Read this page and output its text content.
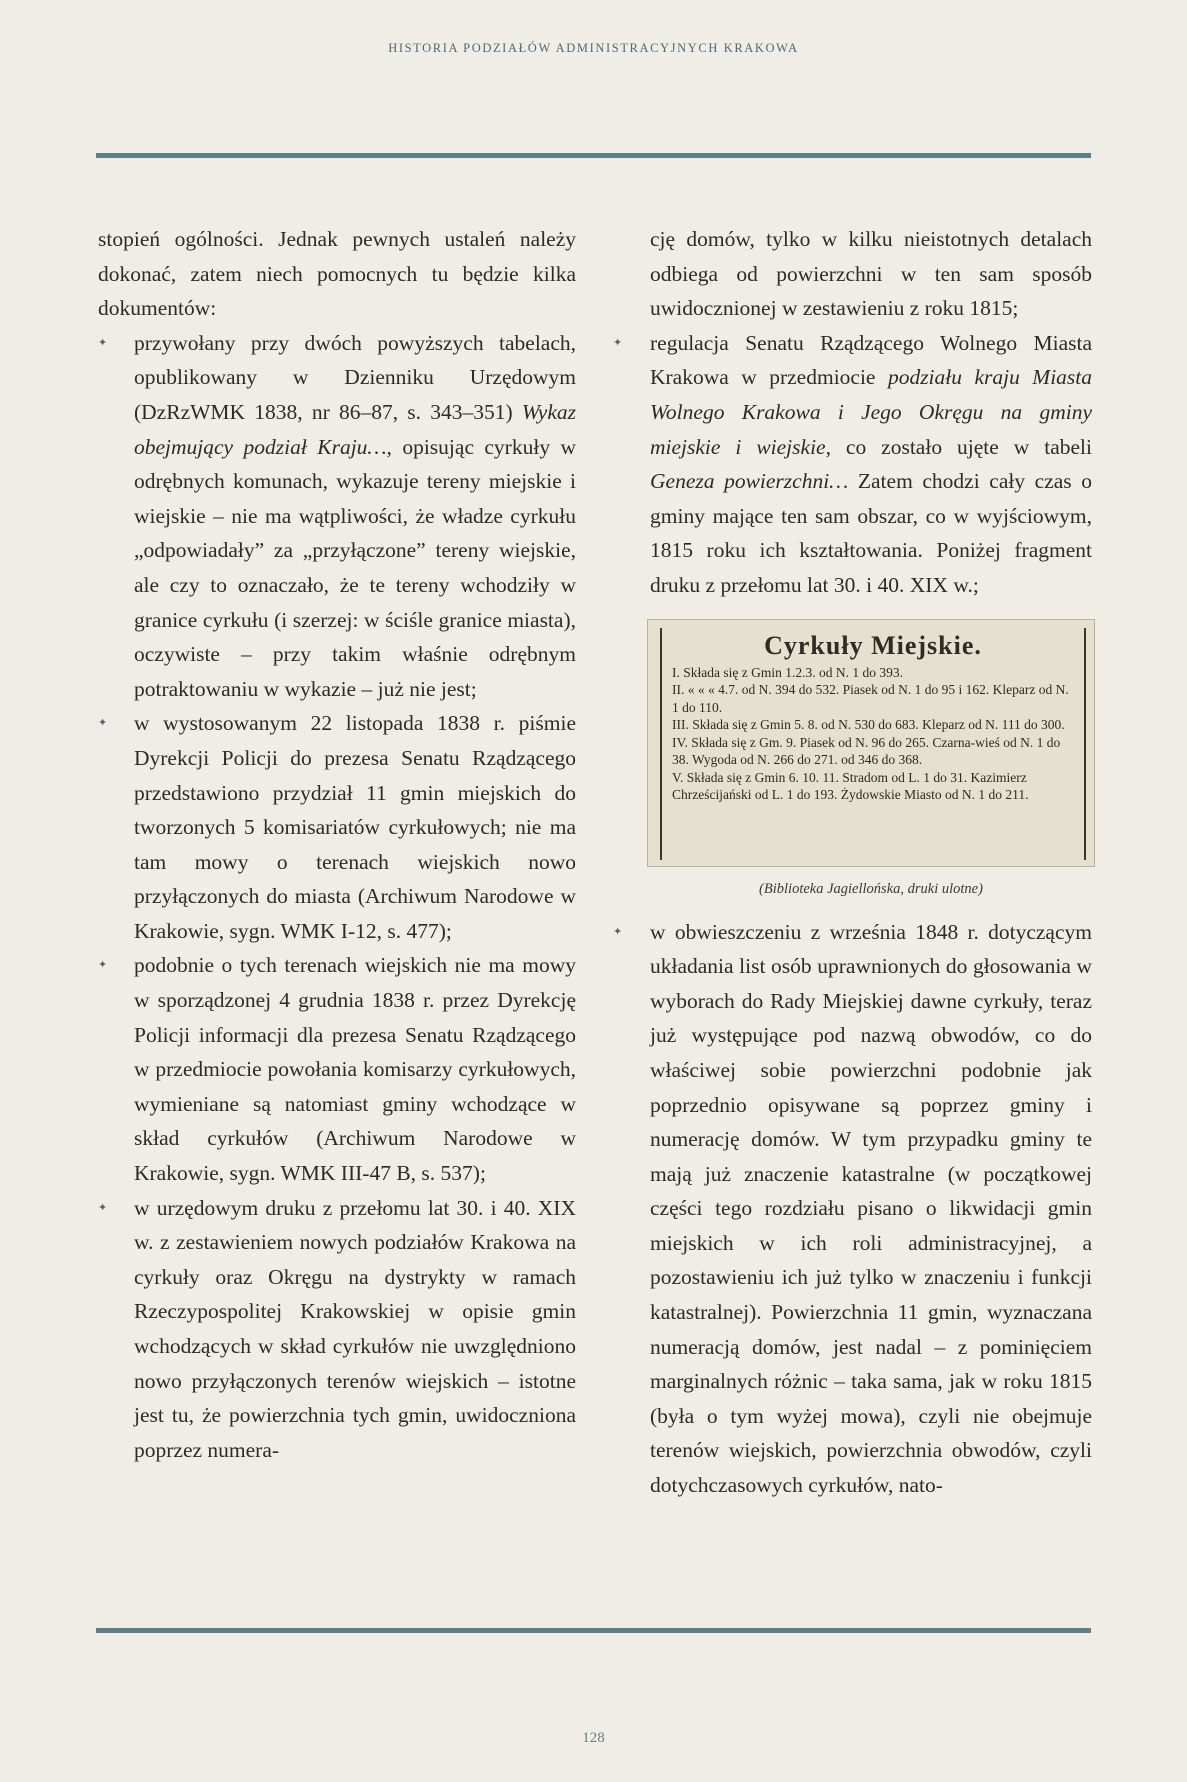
HISTORIA PODZIAŁÓW ADMINISTRACYJNYCH KRAKOWA

stopień ogólności. Jednak pewnych ustaleń należy dokonać, zatem niech pomocnych tu będzie kilka dokumentów:

✦ przywołany przy dwóch powyższych tabelach, opublikowany w Dzienniku Urzędowym (DzRzWMK 1838, nr 86–87, s. 343–351) Wykaz obejmujący podział Kraju…, opisując cyrkuły w odrębnych komunach, wykazuje tereny miejskie i wiejskie – nie ma wątpliwości, że władze cyrkułu „odpowiadały” za „przyłączone” tereny wiejskie, ale czy to oznaczało, że te tereny wchodziły w granice cyrkułu (i szerzej: w ściśle granice miasta), oczywiste – przy takim właśnie odrębnym potraktowaniu w wykazie – już nie jest;
✦ w wystosowanym 22 listopada 1838 r. piśmie Dyrekcji Policji do prezesa Senatu Rządzącego przedstawiono przydział 11 gmin miejskich do tworzonych 5 komisariatów cyrkułowych; nie ma tam mowy o terenach wiejskich nowo przyłączonych do miasta (Archiwum Narodowe w Krakowie, sygn. WMK I-12, s. 477);
✦ podobnie o tych terenach wiejskich nie ma mowy w sporządzonej 4 grudnia 1838 r. przez Dyrekcję Policji informacji dla prezesa Senatu Rządzącego w przedmiocie powołania komisarzy cyrkułowych, wymieniane są natomiast gminy wchodzące w skład cyrkułów (Archiwum Narodowe w Krakowie, sygn. WMK III-47 B, s. 537);
✦ w urzędowym druku z przełomu lat 30. i 40. XIX w. z zestawieniem nowych podziałów Krakowa na cyrkuły oraz Okręgu na dystrykty w ramach Rzeczypospolitej Krakowskiej w opisie gmin wchodzących w skład cyrkułów nie uwzględniono nowo przyłączonych terenów wiejskich – istotne jest tu, że powierzchnia tych gmin, uwidoczniona poprzez numera-
cję domów, tylko w kilku nieistotnych detalach odbiega od powierzchni w ten sam sposób uwidocznionej w zestawieniu z roku 1815;
✦ regulacja Senatu Rządzącego Wolnego Miasta Krakowa w przedmiocie podziału kraju Miasta Wolnego Krakowa i Jego Okręgu na gminy miejskie i wiejskie, co zostało ujęte w tabeli Geneza powierzchni… Zatem chodzi cały czas o gminy mające ten sam obszar, co w wyjściowym, 1815 roku ich kształtowania. Poniżej fragment druku z przełomu lat 30. i 40. XIX w.;
Cyrkuły Miejskie.
I. Składa się z Gmin 1.2.3. od N. 1 do 393.
II. « « « 4.7. od N. 394 do 532. Piasek od N. 1 do 95 i 162. Kleparz od N. 1 do 110.
III. Składa się z Gmin 5. 8. od N. 530 do 683. Kleparz od N. 111 do 300.
IV. Składa się z Gm. 9. Piasek od N. 96 do 265. Czarna-wieś od N. 1 do 38. Wygoda od N. 266 do 271. od 346 do 368.
V. Składa się z Gmin 6. 10. 11. Stradom od L. 1 do 31. Kazimierz Chrześcijański od L. 1 do 193. Żydowskie Miasto od N. 1 do 211.
(Biblioteka Jagiellońska, druki ulotne)
✦ w obwieszczeniu z września 1848 r. dotyczącym układania list osób uprawnionych do głosowania w wyborach do Rady Miejskiej dawne cyrkuły, teraz już występujące pod nazwą obwodów, co do właściwej sobie powierzchni podobnie jak poprzednio opisywane są poprzez gminy i numerację domów. W tym przypadku gminy te mają już znaczenie katastralne (w początkowej części tego rozdziału pisano o likwidacji gmin miejskich w ich roli administracyjnej, a pozostawieniu ich już tylko w znaczeniu i funkcji katastralnej). Powierzchnia 11 gmin, wyznaczana numeracją domów, jest nadal – z pominięciem marginalnych różnic – taka sama, jak w roku 1815 (była o tym wyżej mowa), czyli nie obejmuje terenów wiejskich, powierzchnia obwodów, czyli dotychczasowych cyrkułów, nato-
128
